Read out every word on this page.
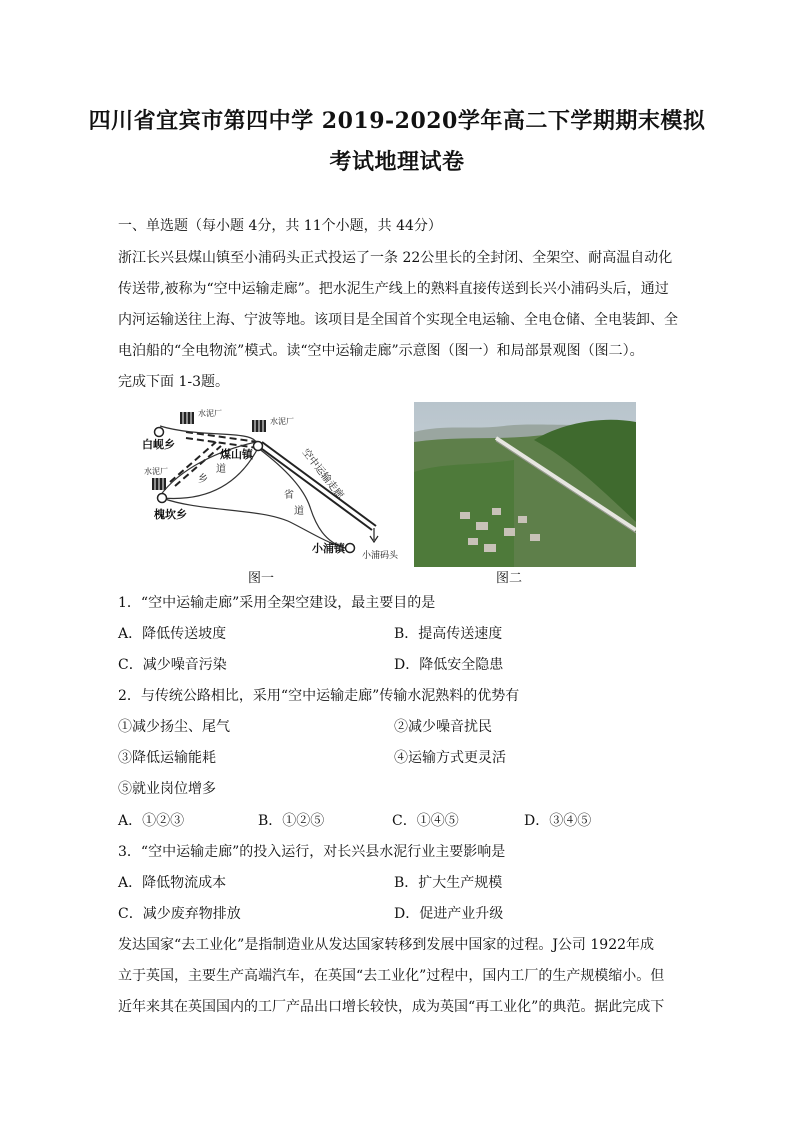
四川省宜宾市第四中学 2019-2020学年高二下学期期末模拟
考试地理试卷
一、单选题（每小题 4分，共 11个小题，共 44分）
浙江长兴县煤山镇至小浦码头正式投运了一条 22公里长的全封闭、全架空、耐高温自动化
传送带,被称为“空中运输走廊”。把水泥生产线上的熟料直接传送到长兴小浦码头后，通过
内河运输送往上海、宁波等地。该项目是全国首个实现全电运输、全电仓储、全电装卸、全
电泊船的“全电物流”模式。读“空中运输走廊”示意图（图一）和局部景观图（图二）。
完成下面 1-3题。
水泥厂
水泥厂
水泥厂
白岘乡
煤山镇
槐坎乡
小浦镇
小浦码头
空中运输走廊
乡
道
省
道
图一	图二
1．“空中运输走廊”采用全架空建设，最主要目的是
A．降低传送坡度	B．提高传送速度
C．减少噪音污染	D．降低安全隐患
2．与传统公路相比，采用“空中运输走廊”传输水泥熟料的优势有
①减少扬尘、尾气	②减少噪音扰民
③降低运输能耗	④运输方式更灵活
⑤就业岗位增多
A．①②③	B．①②⑤	C．①④⑤	D．③④⑤
3．“空中运输走廊”的投入运行，对长兴县水泥行业主要影响是
A．降低物流成本	B．扩大生产规模
C．减少废弃物排放	D．促进产业升级
发达国家“去工业化”是指制造业从发达国家转移到发展中国家的过程。J公司 1922年成
立于英国，主要生产高端汽车，在英国“去工业化”过程中，国内工厂的生产规模缩小。但
近年来其在英国国内的工厂产品出口增长较快，成为英国“再工业化”的典范。据此完成下
